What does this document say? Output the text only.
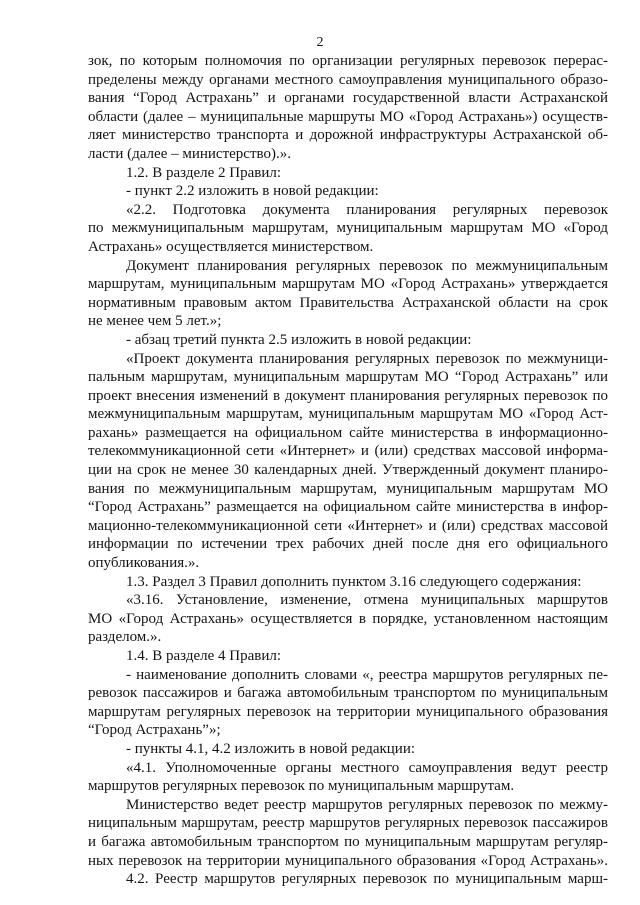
2
зок, по которым полномочия по организации регулярных перевозок перерас-
пределены между органами местного самоуправления муниципального образо-
вания “Город Астрахань” и органами государственной власти Астраханской
области (далее – муниципальные маршруты МО «Город Астрахань») осуществ-
ляет министерство транспорта и дорожной инфраструктуры Астраханской об-
ласти (далее – министерство).».
1.2. В разделе 2 Правил:
- пункт 2.2 изложить в новой редакции:
«2.2. Подготовка документа планирования регулярных перевозок
по межмуниципальным маршрутам, муниципальным маршрутам МО «Город
Астрахань» осуществляется министерством.
Документ планирования регулярных перевозок по межмуниципальным
маршрутам, муниципальным маршрутам МО «Город Астрахань» утверждается
нормативным правовым актом Правительства Астраханской области на срок
не менее чем 5 лет.»;
- абзац третий пункта 2.5 изложить в новой редакции:
«Проект документа планирования регулярных перевозок по межмуници-
пальным маршрутам, муниципальным маршрутам МО “Город Астрахань” или
проект внесения изменений в документ планирования регулярных перевозок по
межмуниципальным маршрутам, муниципальным маршрутам МО «Город Аст-
рахань» размещается на официальном сайте министерства в информационно-
телекоммуникационной сети «Интернет» и (или) средствах массовой информа-
ции на срок не менее 30 календарных дней. Утвержденный документ планиро-
вания по межмуниципальным маршрутам, муниципальным маршрутам МО
“Город Астрахань” размещается на официальном сайте министерства в инфор-
мационно-телекоммуникационной сети «Интернет» и (или) средствах массовой
информации по истечении трех рабочих дней после дня его официального
опубликования.».
1.3. Раздел 3 Правил дополнить пунктом 3.16 следующего содержания:
«3.16. Установление, изменение, отмена муниципальных маршрутов
МО «Город Астрахань» осуществляется в порядке, установленном настоящим
разделом.».
1.4. В разделе 4 Правил:
- наименование дополнить словами «, реестра маршрутов регулярных пе-
ревозок пассажиров и багажа автомобильным транспортом по муниципальным
маршрутам регулярных перевозок на территории муниципального образования
“Город Астрахань”»;
- пункты 4.1, 4.2 изложить в новой редакции:
«4.1. Уполномоченные органы местного самоуправления ведут реестр
маршрутов регулярных перевозок по муниципальным маршрутам.
Министерство ведет реестр маршрутов регулярных перевозок по межму-
ниципальным маршрутам, реестр маршрутов регулярных перевозок пассажиров
и багажа автомобильным транспортом по муниципальным маршрутам регуляр-
ных перевозок на территории муниципального образования «Город Астрахань».
4.2. Реестр маршрутов регулярных перевозок по муниципальным марш-
